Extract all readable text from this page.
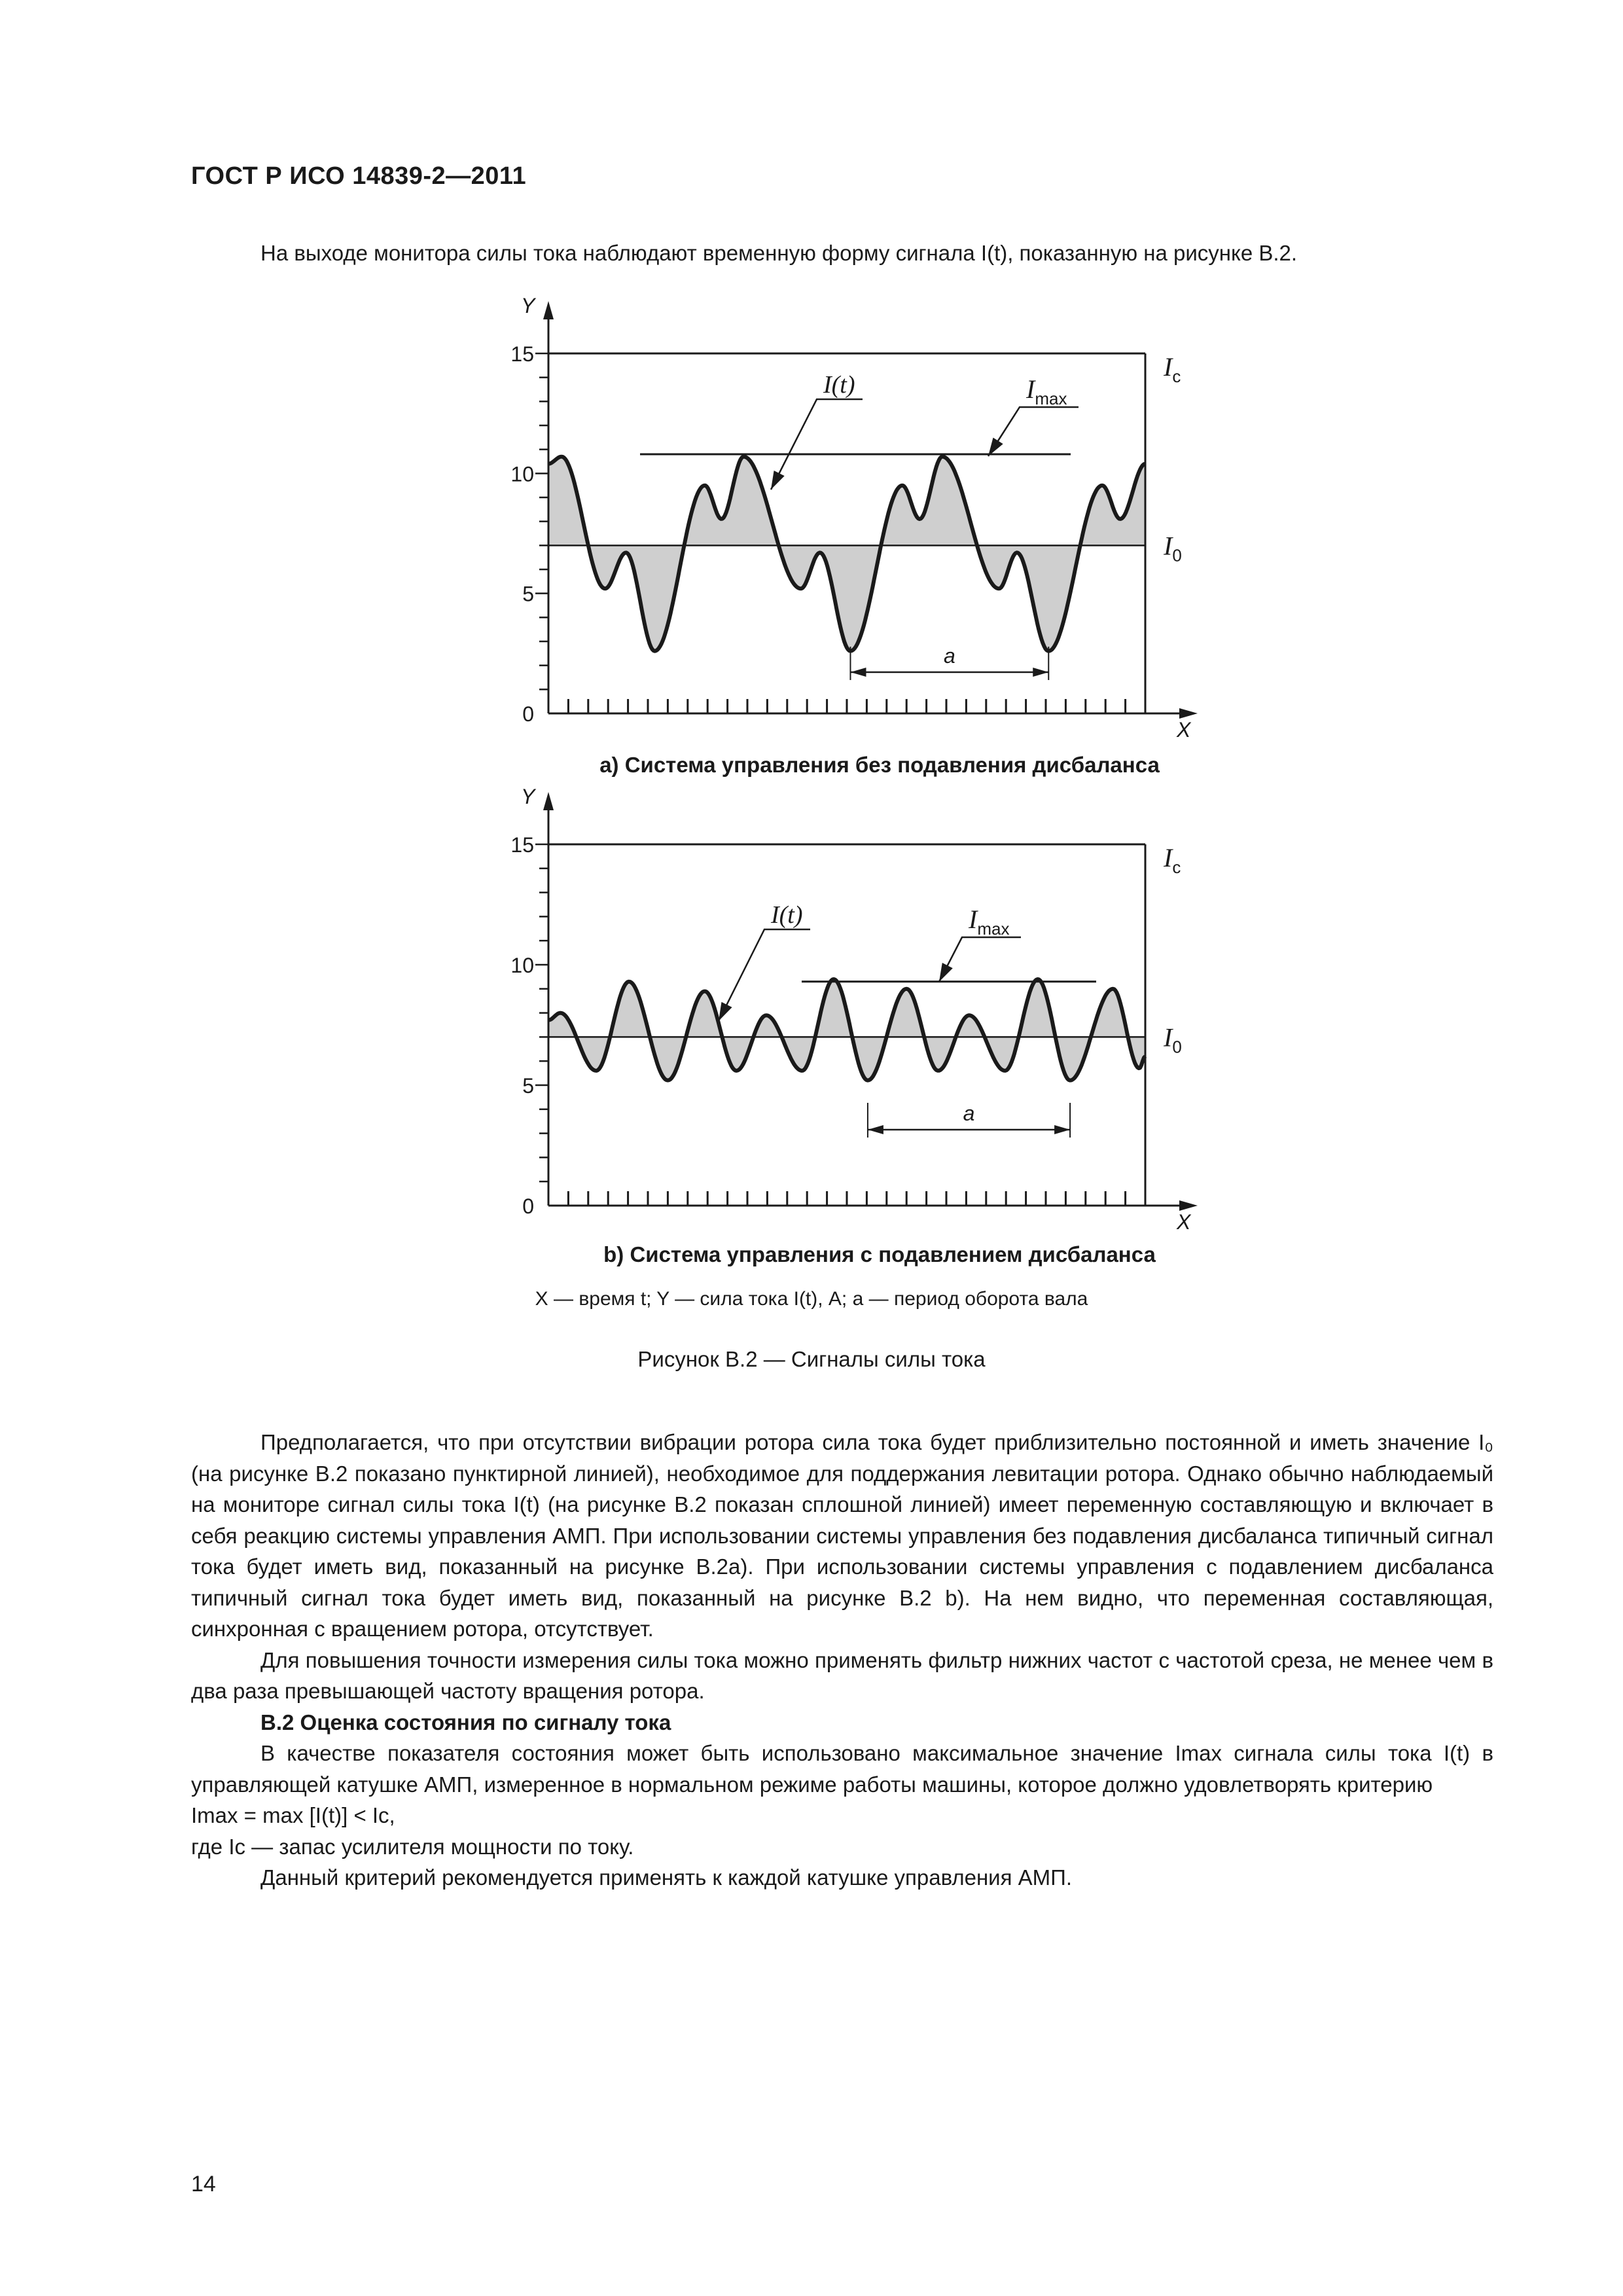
ГОСТ Р ИСО 14839-2—2011
На выходе монитора силы тока наблюдают временную форму сигнала I(t), показанную на рисунке В.2.
Y
X
15
10
5
0
$I_c$
$I_0$
I(t)	$I_{max}$
a
а) Система управления без подавления дисбаланса
Y
X
15
10
5
0
$I_c$
$I_0$
I(t)	$I_{max}$
a
b) Система управления с подавлением дисбаланса
X — время t; Y — сила тока I(t), А; a — период оборота вала
Рисунок В.2 — Сигналы силы тока

Предполагается, что при отсутствии вибрации ротора сила тока будет приблизительно постоянной и иметь значение I₀ (на рисунке В.2 показано пунктирной линией), необходимое для поддержания левитации ротора. Однако обычно наблюдаемый на мониторе сигнал силы тока I(t) (на рисунке В.2 показан сплошной линией) имеет переменную составляющую и включает в себя реакцию системы управления АМП. При использовании системы управления без подавления дисбаланса типичный сигнал тока будет иметь вид, показанный на рисунке В.2а). При использовании системы управления с подавлением дисбаланса типичный сигнал тока будет иметь вид, показанный на рисунке В.2 b). На нем видно, что переменная составляющая, синхронная с вращением ротора, отсутствует.

Для повышения точности измерения силы тока можно применять фильтр нижних частот с частотой среза, не менее чем в два раза превышающей частоту вращения ротора.

В.2 Оценка состояния по сигналу тока

В качестве показателя состояния может быть использовано максимальное значение Imax сигнала силы тока I(t) в управляющей катушке АМП, измеренное в нормальном режиме работы машины, которое должно удовлетворять критерию

Imax = max [I(t)] < Ic,

где Ic — запас усилителя мощности по току.

Данный критерий рекомендуется применять к каждой катушке управления АМП.

14
